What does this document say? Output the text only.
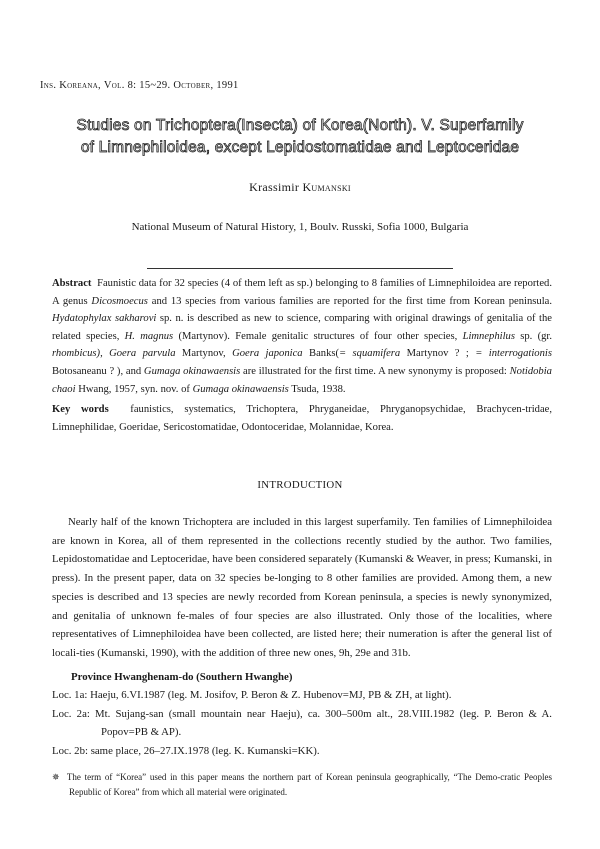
Ins. Koreana, Vol. 8: 15~29. October, 1991
Studies on Trichoptera(Insecta) of Korea(North). V. Superfamily
of Limnephiloidea, except Lepidostomatidae and Leptoceridae
Krassimir Kumanski
National Museum of Natural History, 1, Boulv. Russki, Sofia 1000, Bulgaria
Abstract Faunistic data for 32 species (4 of them left as sp.) belonging to 8 families of Limnephiloidea are reported. A genus Dicosmoecus and 13 species from various families are reported for the first time from Korean peninsula. Hydatophylax sakharovi sp. n. is described as new to science, comparing with original drawings of genitalia of the related species, H. magnus (Martynov). Female genitalic structures of four other species, Limnephilus sp. (gr. rhombicus), Goera parvula Martynov, Goera japonica Banks(= squamifera Martynov ? ; = interrogationis Botosaneanu ? ), and Gumaga okinawaensis are illustrated for the first time. A new synonymy is proposed: Notidobia chaoi Hwang, 1957, syn. nov. of Gumaga okinawaensis Tsuda, 1938.
Key words faunistics, systematics, Trichoptera, Phryganeidae, Phryganopsychidae, Brachycen-tridae, Limnephilidae, Goeridae, Sericostomatidae, Odontoceridae, Molannidae, Korea.
INTRODUCTION
Nearly half of the known Trichoptera are included in this largest superfamily. Ten families of Limnephiloidea are known in Korea, all of them represented in the collections recently studied by the author. Two families, Lepidostomatidae and Leptoceridae, have been considered separately (Kumanski & Weaver, in press; Kumanski, in press). In the present paper, data on 32 species be-longing to 8 other families are provided. Among them, a new species is described and 13 species are newly recorded from Korean peninsula, a species is newly synonymized, and genitalia of unknown fe-males of four species are also illustrated. Only those of the localities, where representatives of Limnephiloidea have been collected, are listed here; their numeration is after the general list of locali-ties (Kumanski, 1990), with the addition of three new ones, 9h, 29e and 31b.
Province Hwanghenam-do (Southern Hwanghe)
Loc. 1a: Haeju, 6.VI.1987 (leg. M. Josifov, P. Beron & Z. Hubenov=MJ, PB & ZH, at light).
Loc. 2a: Mt. Sujang-san (small mountain near Haeju), ca. 300–500m alt., 28.VIII.1982 (leg. P. Beron & A. Popov=PB & AP).
Loc. 2b: same place, 26–27.IX.1978 (leg. K. Kumanski=KK).
✵ The term of “Korea” used in this paper means the northern part of Korean peninsula geographically, “The Demo-cratic Peoples Republic of Korea” from which all material were originated.
